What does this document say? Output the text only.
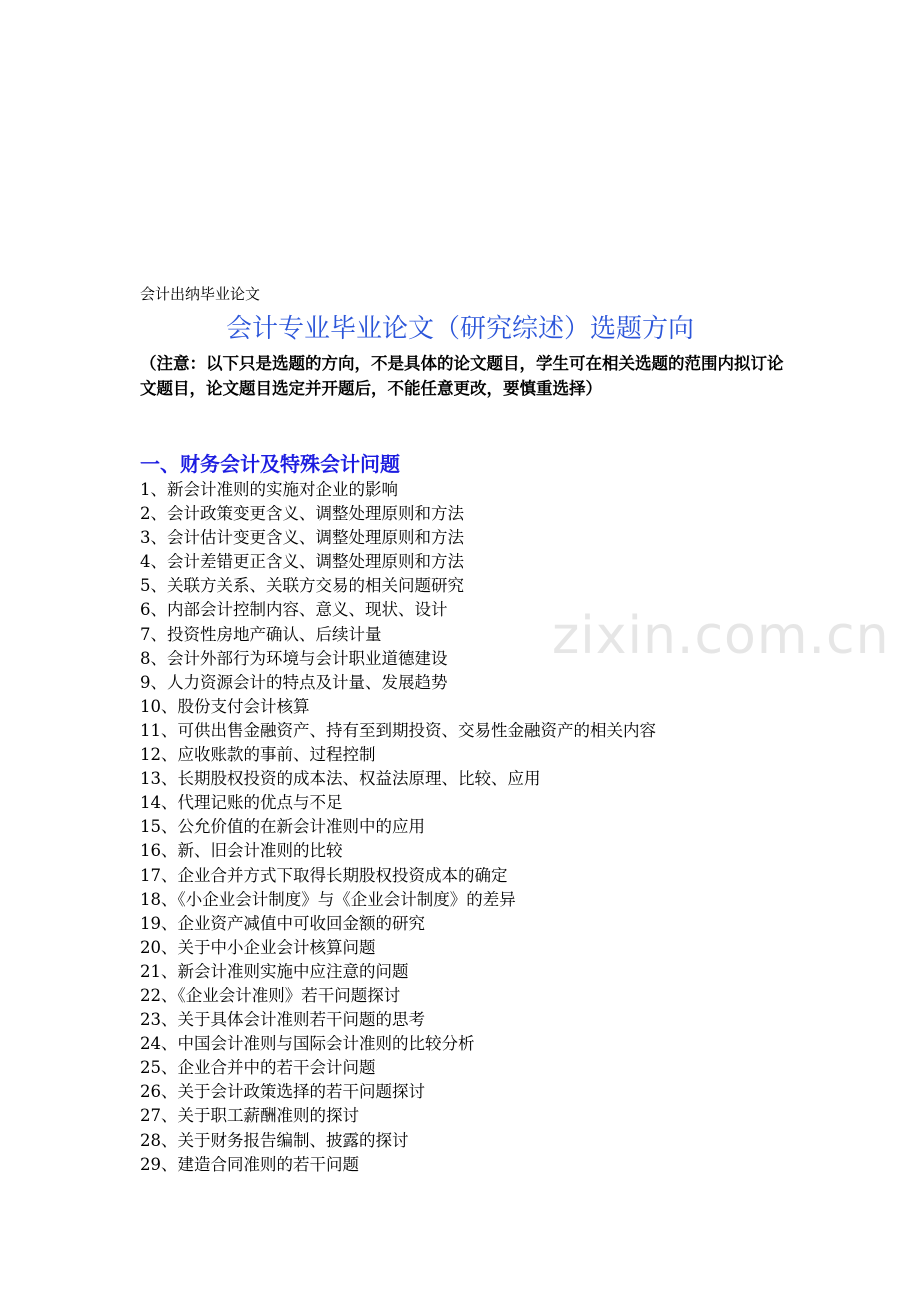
zixin.com.cn
会计出纳毕业论文
会计专业毕业论文（研究综述）选题方向
（注意：以下只是选题的方向，不是具体的论文题目，学生可在相关选题的范围内拟订论文题目，论文题目选定并开题后，不能任意更改，要慎重选择）
一、财务会计及特殊会计问题
1、新会计准则的实施对企业的影响
2、会计政策变更含义、调整处理原则和方法
3、会计估计变更含义、调整处理原则和方法
4、会计差错更正含义、调整处理原则和方法
5、关联方关系、关联方交易的相关问题研究
6、内部会计控制内容、意义、现状、设计
7、投资性房地产确认、后续计量
8、会计外部行为环境与会计职业道德建设
9、人力资源会计的特点及计量、发展趋势
10、股份支付会计核算
11、可供出售金融资产、持有至到期投资、交易性金融资产的相关内容
12、应收账款的事前、过程控制
13、长期股权投资的成本法、权益法原理、比较、应用
14、代理记账的优点与不足
15、公允价值的在新会计准则中的应用
16、新、旧会计准则的比较
17、企业合并方式下取得长期股权投资成本的确定
18、《小企业会计制度》与《企业会计制度》的差异
19、企业资产减值中可收回金额的研究
20、关于中小企业会计核算问题
21、新会计准则实施中应注意的问题
22、《企业会计准则》若干问题探讨
23、关于具体会计准则若干问题的思考
24、中国会计准则与国际会计准则的比较分析
25、企业合并中的若干会计问题
26、关于会计政策选择的若干问题探讨
27、关于职工薪酬准则的探讨
28、关于财务报告编制、披露的探讨
29、建造合同准则的若干问题
